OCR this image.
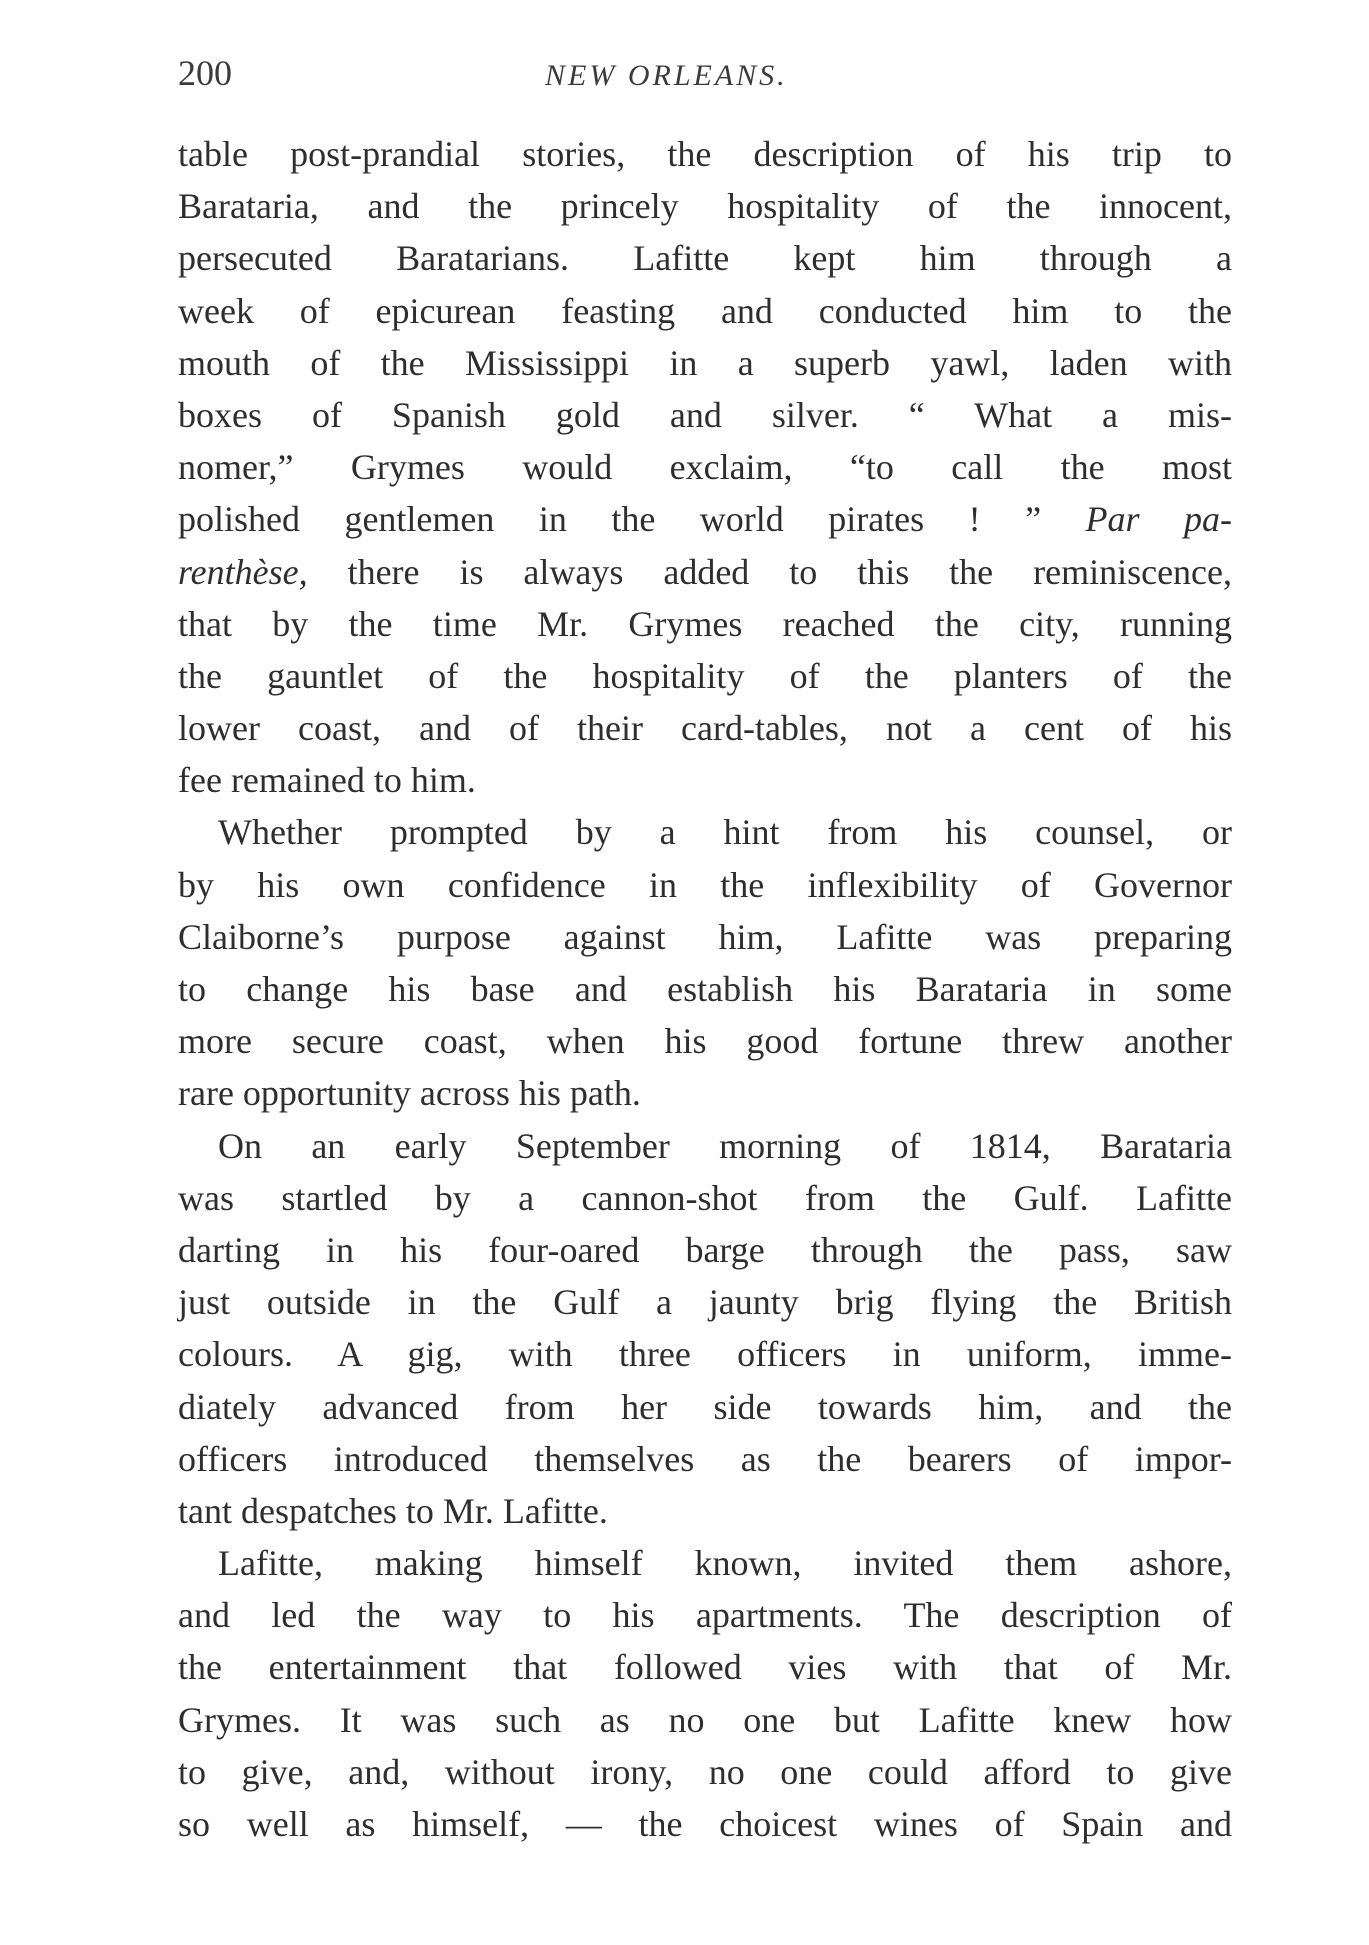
200	NEW ORLEANS.
table post-prandial stories, the description of his trip to
Barataria, and the princely hospitality of the innocent,
persecuted Baratarians. Lafitte kept him through a
week of epicurean feasting and conducted him to the
mouth of the Mississippi in a superb yawl, laden with
boxes of Spanish gold and silver. “ What a mis-
nomer,” Grymes would exclaim, “to call the most
polished gentlemen in the world pirates ! ” Par pa-
renthèse, there is always added to this the reminiscence,
that by the time Mr. Grymes reached the city, running
the gauntlet of the hospitality of the planters of the
lower coast, and of their card-tables, not a cent of his
fee remained to him.
Whether prompted by a hint from his counsel, or
by his own confidence in the inflexibility of Governor
Claiborne’s purpose against him, Lafitte was preparing
to change his base and establish his Barataria in some
more secure coast, when his good fortune threw another
rare opportunity across his path.
On an early September morning of 1814, Barataria
was startled by a cannon-shot from the Gulf. Lafitte
darting in his four-oared barge through the pass, saw
just outside in the Gulf a jaunty brig flying the British
colours. A gig, with three officers in uniform, imme-
diately advanced from her side towards him, and the
officers introduced themselves as the bearers of impor-
tant despatches to Mr. Lafitte.
Lafitte, making himself known, invited them ashore,
and led the way to his apartments. The description of
the entertainment that followed vies with that of Mr.
Grymes. It was such as no one but Lafitte knew how
to give, and, without irony, no one could afford to give
so well as himself, — the choicest wines of Spain and
